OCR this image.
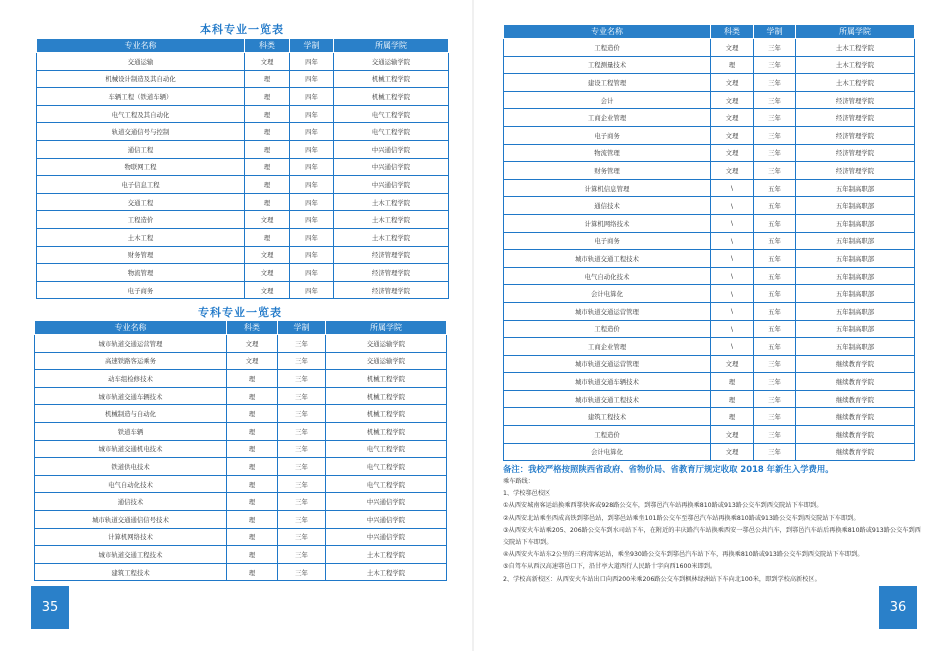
本科专业一览表
专业名称	科类	学制	所属学院
交通运输	文理	四年	交通运输学院
机械设计制造及其自动化	理	四年	机械工程学院
车辆工程（铁道车辆）	理	四年	机械工程学院
电气工程及其自动化	理	四年	电气工程学院
轨道交通信号与控制	理	四年	电气工程学院
通信工程	理	四年	中兴通信学院
物联网工程	理	四年	中兴通信学院
电子信息工程	理	四年	中兴通信学院
交通工程	理	四年	土木工程学院
工程造价	文理	四年	土木工程学院
土木工程	理	四年	土木工程学院
财务管理	文理	四年	经济管理学院
物流管理	文理	四年	经济管理学院
电子商务	文理	四年	经济管理学院
专科专业一览表
专业名称	科类	学制	所属学院
城市轨道交通运营管理	文理	三年	交通运输学院
高速铁路客运乘务	文理	三年	交通运输学院
动车组检修技术	理	三年	机械工程学院
城市轨道交通车辆技术	理	三年	机械工程学院
机械制造与自动化	理	三年	机械工程学院
铁道车辆	理	三年	机械工程学院
城市轨道交通机电技术	理	三年	电气工程学院
铁道供电技术	理	三年	电气工程学院
电气自动化技术	理	三年	电气工程学院
通信技术	理	三年	中兴通信学院
城市轨道交通通信信号技术	理	三年	中兴通信学院
计算机网络技术	理	三年	中兴通信学院
城市轨道交通工程技术	理	三年	土木工程学院
建筑工程技术	理	三年	土木工程学院
35
专业名称	科类	学制	所属学院
工程造价	文理	三年	土木工程学院
工程测量技术	理	三年	土木工程学院
建设工程管理	文理	三年	土木工程学院
会计	文理	三年	经济管理学院
工商企业管理	文理	三年	经济管理学院
电子商务	文理	三年	经济管理学院
物流管理	文理	三年	经济管理学院
财务管理	文理	三年	经济管理学院
计算机信息管理	\	五年	五年制高职部
通信技术	\	五年	五年制高职部
计算机网络技术	\	五年	五年制高职部
电子商务	\	五年	五年制高职部
城市轨道交通工程技术	\	五年	五年制高职部
电气自动化技术	\	五年	五年制高职部
会计电算化	\	五年	五年制高职部
城市轨道交通运营管理	\	五年	五年制高职部
工程造价	\	五年	五年制高职部
工商企业管理	\	五年	五年制高职部
城市轨道交通运营管理	文理	三年	继续教育学院
城市轨道交通车辆技术	理	三年	继续教育学院
城市轨道交通工程技术	理	三年	继续教育学院
建筑工程技术	理	三年	继续教育学院
工程造价	文理	三年	继续教育学院
会计电算化	文理	三年	继续教育学院
备注：我校严格按照陕西省政府、省物价局、省教育厅规定收取 2018 年新生入学费用。

乘车路线：

1、学校鄠邑校区

①从西安城南客运站换乘西鄠快客或928路公交车，到鄠邑汽车站再换乘810路或913路公交车到西交院站下车即到。

②从西安北站乘坐西成高铁到鄠邑站，到鄠邑站乘坐101路公交车至鄠邑汽车站再换乘810路或913路公交车到西交院站下车即到。

③从西安火车站乘205、206路公交车到水司站下车，在附近的丰庆路汽车站换乘西安一鄠邑公共汽车，到鄠邑汽车站后再换乘810路或913路公交车到西交院站下车即到。

④从西安火车站东2公里的三府湾客运站，乘坐930路公交车到鄠邑汽车站下车，再换乘810路或913路公交车到西交院站下车即到。

⑤自驾车从西汉高速鄠邑口下，沿甘亭大道西行人民路十字向西1600米即到。

2、学校高新校区：从西安火车站出口向西200米乘206路公交车到枫林绿洲站下车向北100米，即到学校高新校区。

36
